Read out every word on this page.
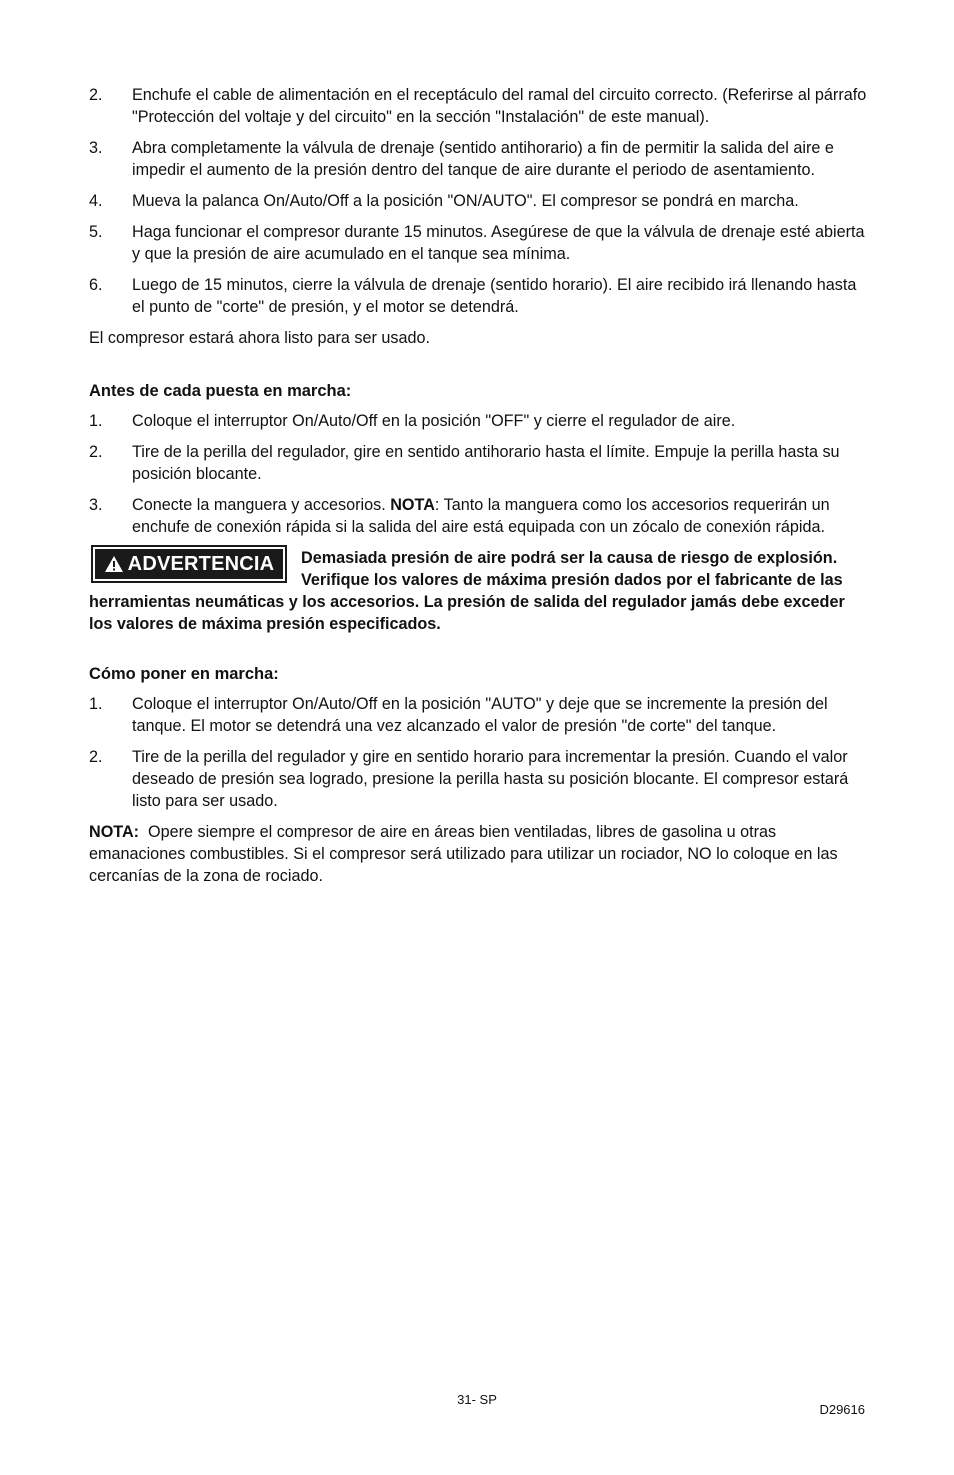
2.	Enchufe el cable de alimentación en el receptáculo del ramal del circuito correcto. (Referirse al párrafo "Protección del voltaje y del circuito" en la sección "Instalación" de este manual).
3.	Abra completamente la válvula de drenaje (sentido antihorario) a fin de permitir la salida del aire e impedir el aumento de la presión dentro del tanque de aire durante el periodo de asentamiento.
4.	Mueva la palanca On/Auto/Off a la posición "ON/AUTO". El compresor se pondrá en marcha.
5.	Haga funcionar el compresor durante 15 minutos. Asegúrese de que la válvula de drenaje esté abierta y que la presión de aire acumulado en el tanque sea mínima.
6.	Luego de 15 minutos, cierre la válvula de drenaje (sentido horario). El aire recibido irá llenando hasta el punto de "corte" de presión, y el motor se detendrá.

El compresor estará ahora listo para ser usado.

Antes de cada puesta en marcha:
1.	Coloque el interruptor On/Auto/Off en la posición "OFF" y cierre el regulador de aire.
2.	Tire de la perilla del regulador, gire en sentido antihorario hasta el límite. Empuje la perilla hasta su posición blocante.
3.	Conecte la manguera y accesorios. NOTA: Tanto la manguera como los accesorios requerirán un enchufe de conexión rápida si la salida del aire está equipada con un zócalo de conexión rápida.
ADVERTENCIA	Demasiada presión de aire podrá ser la causa de riesgo de explosión. Verifique los valores de máxima presión dados por el fabricante de las herramientas neumáticas y los accesorios. La presión de salida del regulador jamás debe exceder los valores de máxima presión especificados.
Cómo poner en marcha:
1.	Coloque el interruptor On/Auto/Off en la posición "AUTO" y deje que se incremente la presión del tanque. El motor se detendrá una vez alcanzado el valor de presión "de corte" del tanque.
2.	Tire de la perilla del regulador y gire en sentido horario para incrementar la presión. Cuando el valor deseado de presión sea logrado, presione la perilla hasta su posición blocante. El compresor estará listo para ser usado.

NOTA:  Opere siempre el compresor de aire en áreas bien ventiladas, libres de gasolina u otras emanaciones combustibles. Si el compresor será utilizado para utilizar un rociador, NO lo coloque en las cercanías de la zona de rociado.

31- SP
D29616
